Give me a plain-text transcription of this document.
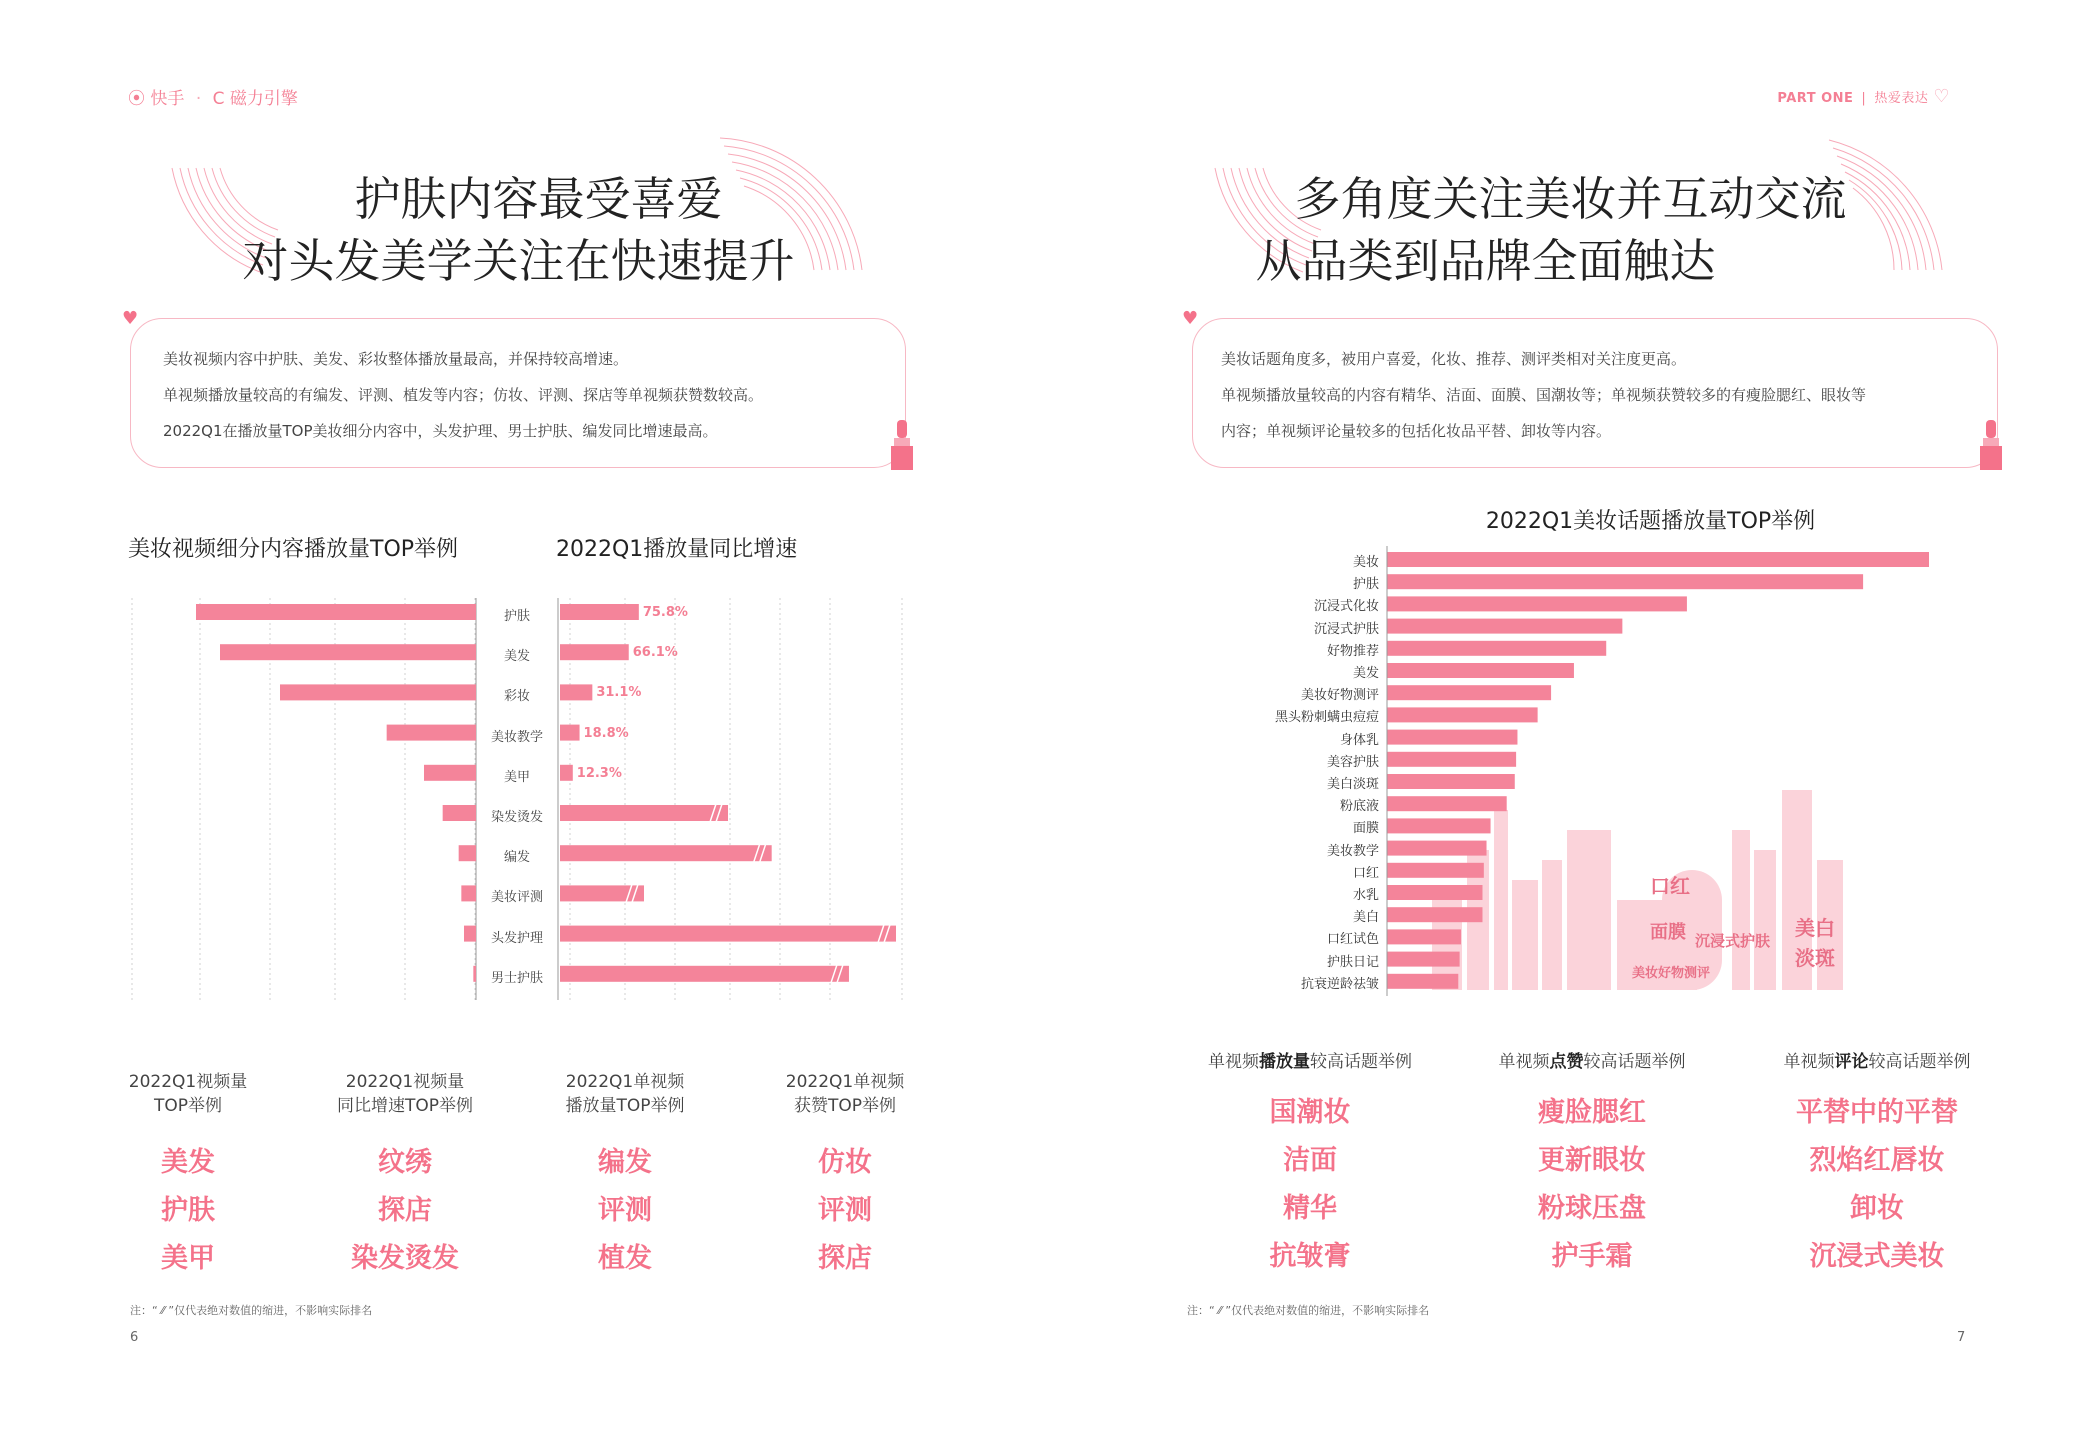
⦿ 快手 · C 磁力引擎
护肤内容最受喜爱
对头发美学关注在快速提升

美妆视频内容中护肤、美发、彩妆整体播放量最高，并保持较高增速。

单视频播放量较高的有编发、评测、植发等内容；仿妆、评测、探店等单视频获赞数较高。

2022Q1在播放量TOP美妆细分内容中，头发护理、男士护肤、编发同比增速最高。

♥
美妆视频细分内容播放量TOP举例	2022Q1播放量同比增速
2022Q1视频量
TOP举例
美发
护肤
美甲
2022Q1视频量
同比增速TOP举例
纹绣
探店
染发烫发
2022Q1单视频
播放量TOP举例
编发
评测
植发
2022Q1单视频
获赞TOP举例
仿妆
评测
探店
注：“ ⁄⁄ ”仅代表绝对数值的缩进，不影响实际排名
6
护肤	75.8%
美发	66.1%
彩妆	31.1%
美妆教学	18.8%
美甲	12.3%
染发烫发
编发
美妆评测
头发护理
男士护肤
PART ONE | 热爱表达 ♡
多角度关注美妆并互动交流
从品类到品牌全面触达

美妆话题角度多，被用户喜爱，化妆、推荐、测评类相对关注度更高。

单视频播放量较高的内容有精华、洁面、面膜、国潮妆等；单视频获赞较多的有瘦脸腮红、眼妆等

内容；单视频评论量较多的包括化妆品平替、卸妆等内容。

♥
2022Q1美妆话题播放量TOP举例
口红
面膜 沉浸式护肤
美妆好物测评
美白
淡斑
美妆
护肤
沉浸式化妆
沉浸式护肤
好物推荐
美发
美妆好物测评
黑头粉刺螨虫痘痘
身体乳
美容护肤
美白淡斑
粉底液
面膜
美妆教学
口红
水乳
美白
口红试色
护肤日记
抗衰逆龄祛皱
单视频播放量较高话题举例
国潮妆
洁面
精华
抗皱膏
单视频点赞较高话题举例
瘦脸腮红
更新眼妆
粉球压盘
护手霜
单视频评论较高话题举例
平替中的平替
烈焰红唇妆
卸妆
沉浸式美妆
注：“ ⁄⁄ ”仅代表绝对数值的缩进，不影响实际排名
7
